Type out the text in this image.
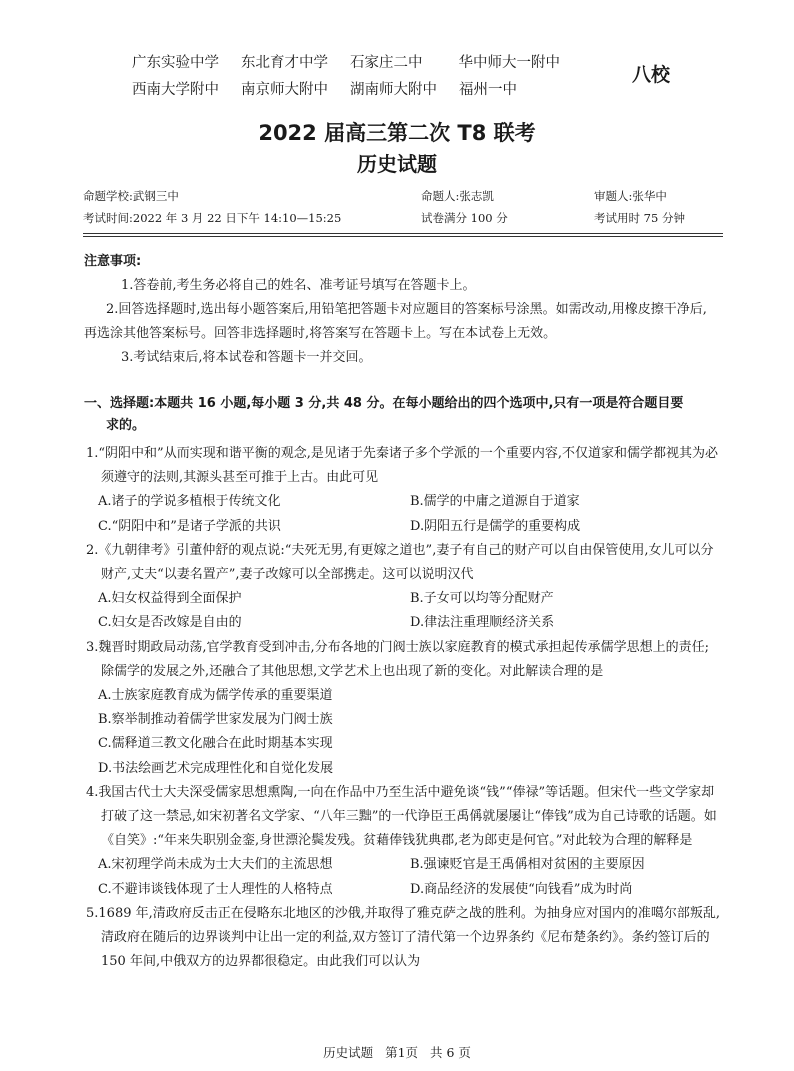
广东实验中学 东北育才中学 石家庄二中 华中师大一附中
西南大学附中 南京师大附中 湖南师大附中 福州一中
八校
2022 届高三第二次 T8 联考
历史试题
命题学校:武钢三中	命题人:张志凯	审题人:张华中
考试时间:2022 年 3 月 22 日下午 14:10—15:25	试卷满分 100 分	考试用时 75 分钟
注意事项:

1.答卷前,考生务必将自己的姓名、准考证号填写在答题卡上。

2.回答选择题时,选出每小题答案后,用铅笔把答题卡对应题目的答案标号涂黑。如需改动,用橡皮擦干净后,再选涂其他答案标号。回答非选择题时,将答案写在答题卡上。写在本试卷上无效。

3.考试结束后,将本试卷和答题卡一并交回。

一、选择题:本题共 16 小题,每小题 3 分,共 48 分。在每小题给出的四个选项中,只有一项是符合题目要
求的。

1.“阴阳中和”从而实现和谐平衡的观念,是见诸于先秦诸子多个学派的一个重要内容,不仅道家和儒学都视其为必须遵守的法则,其源头甚至可推于上古。由此可见

A.诸子的学说多植根于传统文化	B.儒学的中庸之道源自于道家
C.“阴阳中和”是诸子学派的共识	D.阴阳五行是儒学的重要构成

2.《九朝律考》引董仲舒的观点说:“夫死无男,有更嫁之道也”,妻子有自己的财产可以自由保管使用,女儿可以分财产,丈夫“以妻名置产”,妻子改嫁可以全部携走。这可以说明汉代

A.妇女权益得到全面保护	B.子女可以均等分配财产
C.妇女是否改嫁是自由的	D.律法注重理顺经济关系

3.魏晋时期政局动荡,官学教育受到冲击,分布各地的门阀士族以家庭教育的模式承担起传承儒学思想上的责任;除儒学的发展之外,还融合了其他思想,文学艺术上也出现了新的变化。对此解读合理的是

A.士族家庭教育成为儒学传承的重要渠道
B.察举制推动着儒学世家发展为门阀士族
C.儒释道三教文化融合在此时期基本实现
D.书法绘画艺术完成理性化和自觉化发展

4.我国古代士大夫深受儒家思想熏陶,一向在作品中乃至生活中避免谈“钱”“俸禄”等话题。但宋代一些文学家却打破了这一禁忌,如宋初著名文学家、“八年三黜”的一代诤臣王禹偁就屡屡让“俸钱”成为自己诗歌的话题。如《自笑》:“年来失职别金銮,身世漂沦鬓发残。贫藉俸钱犹典郡,老为郎吏是何官。”对此较为合理的解释是

A.宋初理学尚未成为士大夫们的主流思想	B.强谏贬官是王禹偁相对贫困的主要原因
C.不避讳谈钱体现了士人理性的人格特点	D.商品经济的发展使“向钱看”成为时尚

5.1689 年,清政府反击正在侵略东北地区的沙俄,并取得了雅克萨之战的胜利。为抽身应对国内的准噶尔部叛乱,清政府在随后的边界谈判中让出一定的利益,双方签订了清代第一个边界条约《尼布楚条约》。条约签订后的 150 年间,中俄双方的边界都很稳定。由此我们可以认为

历史试题 第1页 共 6 页
